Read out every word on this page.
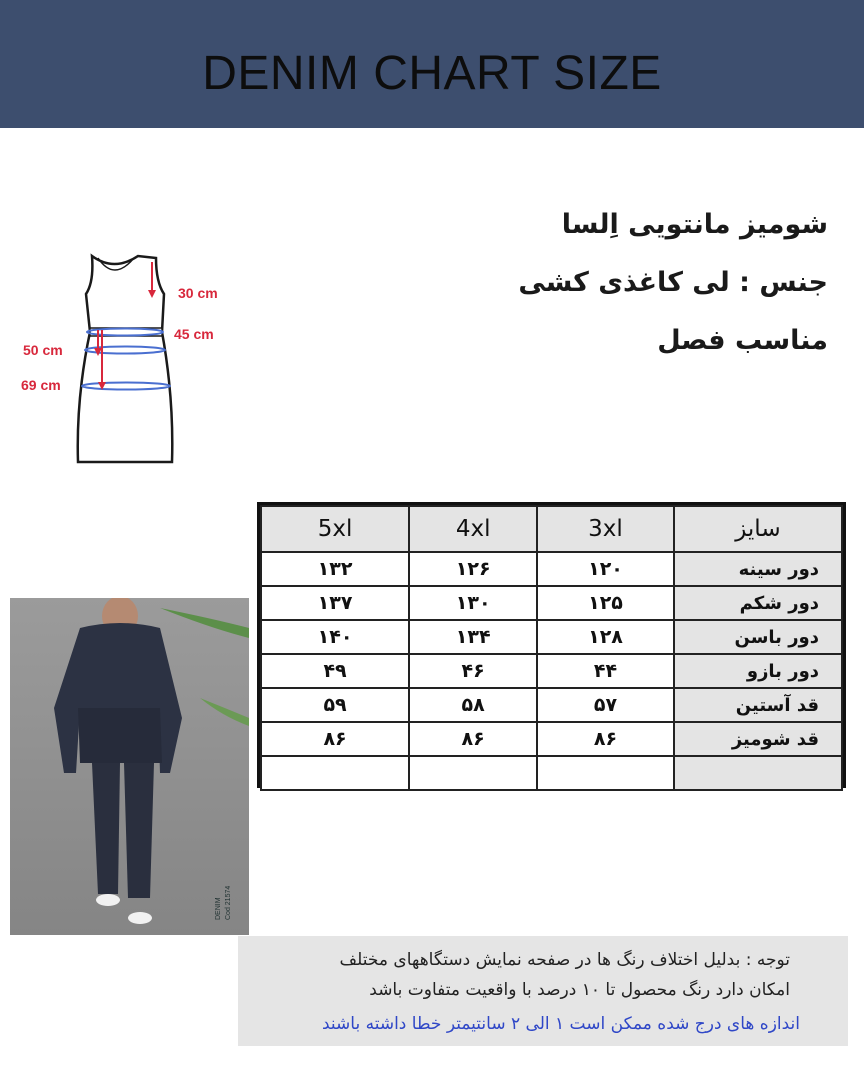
DENIM CHART SIZE
شومیز مانتویی اِلسا
جنس : لی کاغذی کشی
مناسب فصل
30 cm
45 cm
50 cm
69 cm
سایز	3xl	4xl	5xl
دور سینه	۱۲۰	۱۲۶	۱۳۲
دور شکم	۱۲۵	۱۳۰	۱۳۷
دور باسن	۱۲۸	۱۳۴	۱۴۰
دور بازو	۴۴	۴۶	۴۹
قد آستین	۵۷	۵۸	۵۹
قد شومیز	۸۶	۸۶	۸۶

DENIM Cod 21574
توجه : بدلیل اختلاف رنگ ها در صفحه نمایش دستگاههای مختلف
امکان دارد رنگ محصول تا ۱۰ درصد با واقعیت متفاوت باشد
اندازه های درج شده ممکن است ۱ الی ۲ سانتیمتر خطا داشته باشند
